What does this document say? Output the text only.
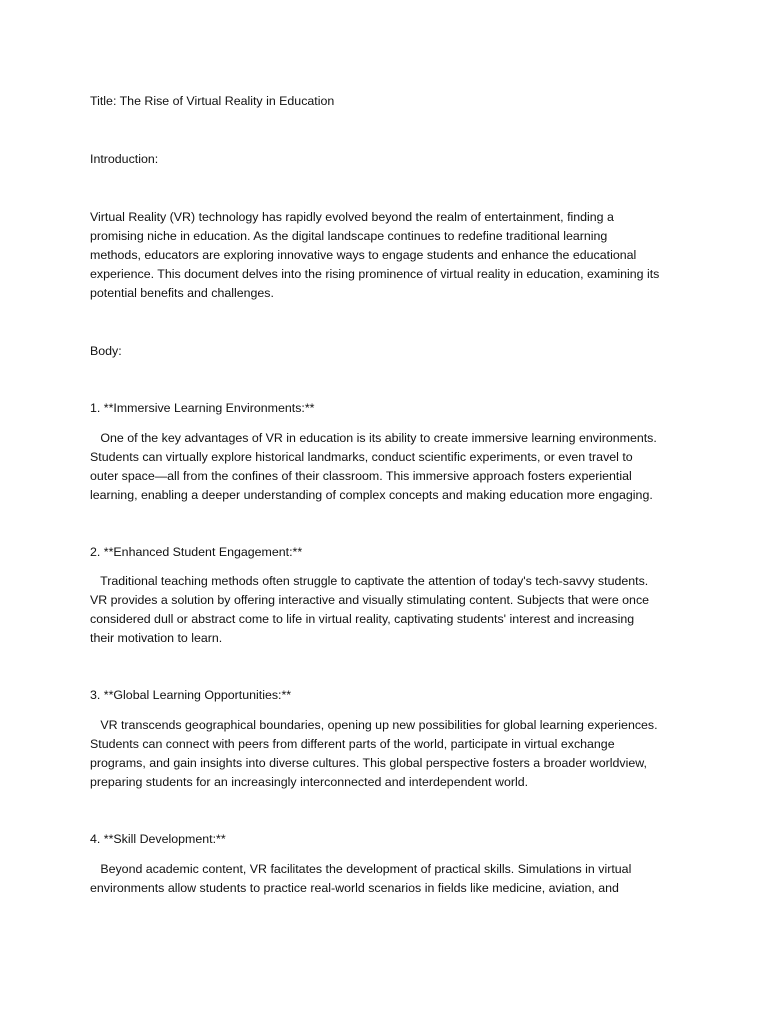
Title: The Rise of Virtual Reality in Education

Introduction:

Virtual Reality (VR) technology has rapidly evolved beyond the realm of entertainment, finding a
promising niche in education. As the digital landscape continues to redefine traditional learning
methods, educators are exploring innovative ways to engage students and enhance the educational
experience. This document delves into the rising prominence of virtual reality in education, examining its
potential benefits and challenges.

Body:

1. **Immersive Learning Environments:**

One of the key advantages of VR in education is its ability to create immersive learning environments.
Students can virtually explore historical landmarks, conduct scientific experiments, or even travel to
outer space—all from the confines of their classroom. This immersive approach fosters experiential
learning, enabling a deeper understanding of complex concepts and making education more engaging.

2. **Enhanced Student Engagement:**

Traditional teaching methods often struggle to captivate the attention of today's tech-savvy students.
VR provides a solution by offering interactive and visually stimulating content. Subjects that were once
considered dull or abstract come to life in virtual reality, captivating students' interest and increasing
their motivation to learn.

3. **Global Learning Opportunities:**

VR transcends geographical boundaries, opening up new possibilities for global learning experiences.
Students can connect with peers from different parts of the world, participate in virtual exchange
programs, and gain insights into diverse cultures. This global perspective fosters a broader worldview,
preparing students for an increasingly interconnected and interdependent world.

4. **Skill Development:**

Beyond academic content, VR facilitates the development of practical skills. Simulations in virtual
environments allow students to practice real-world scenarios in fields like medicine, aviation, and
